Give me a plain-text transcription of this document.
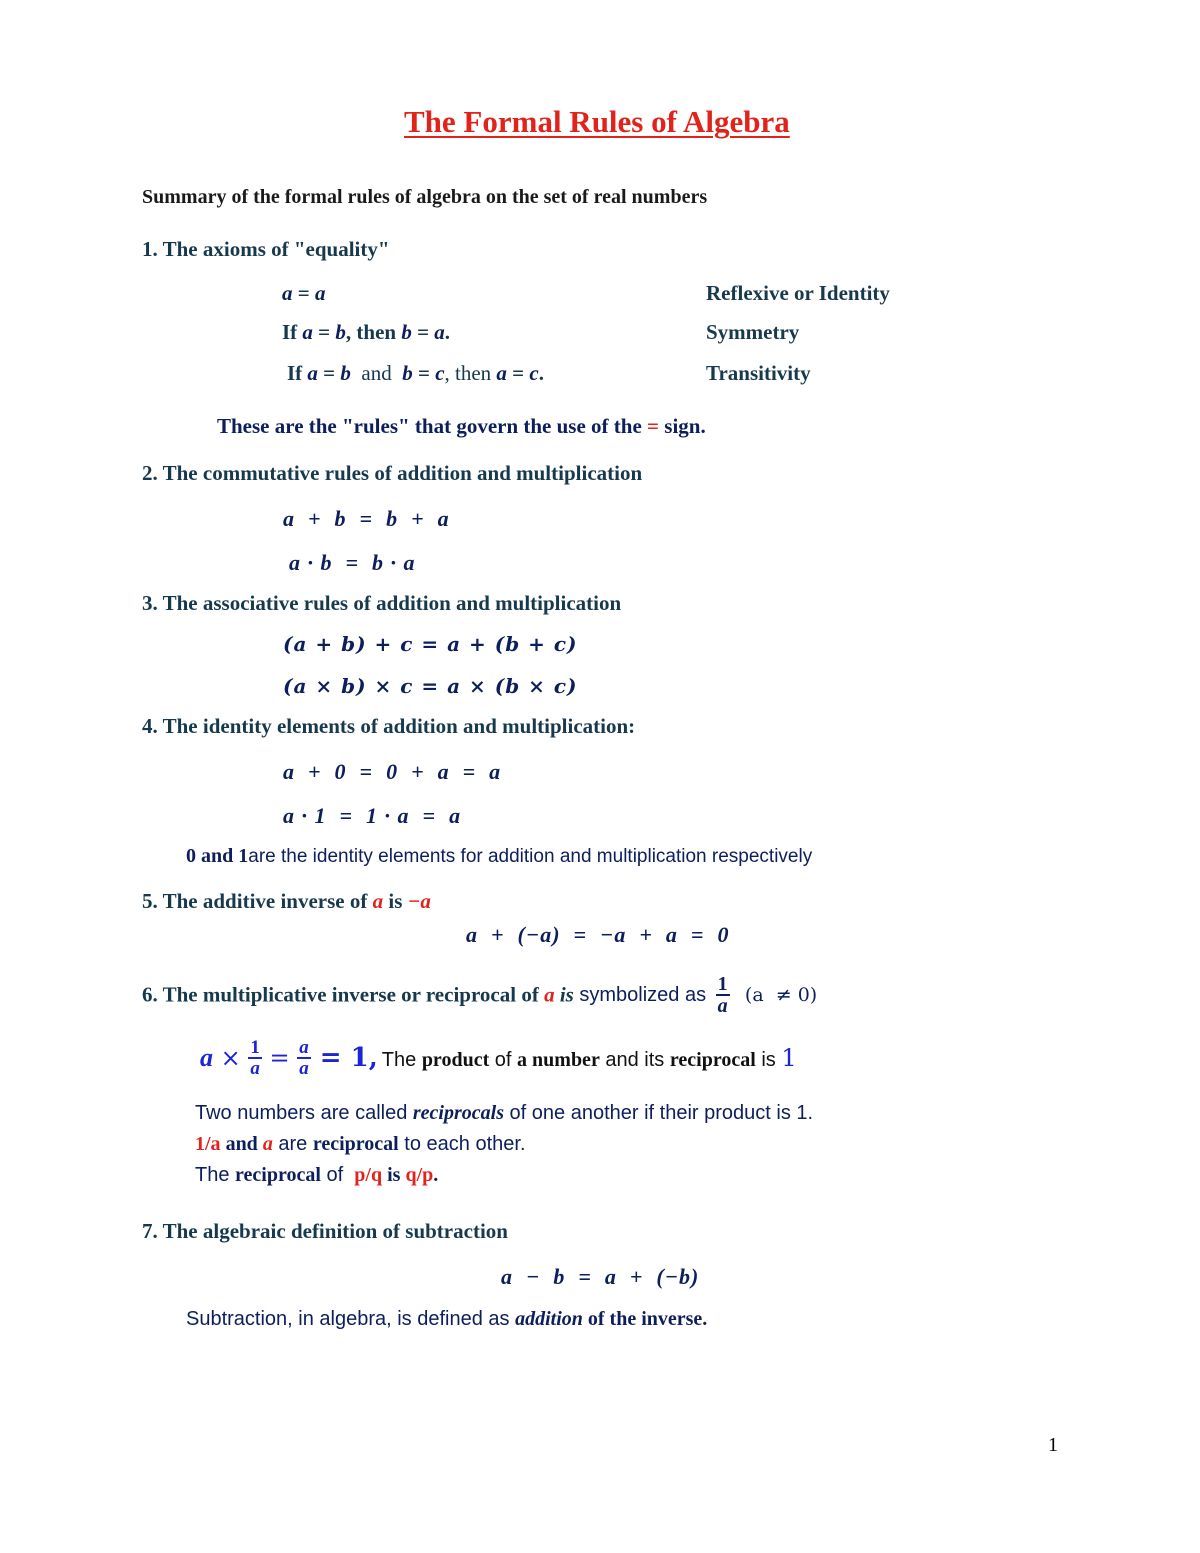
The Formal Rules of Algebra
Summary of the formal rules of algebra on the set of real numbers
1. The axioms of "equality"
a = a	Reflexive or Identity
If a = b, then b = a.	Symmetry
If a = b  and  b = c, then a = c.	Transitivity
These are the "rules" that govern the use of the = sign.
2. The commutative rules of addition and multiplication
a  +  b  =  b  +  a
a · b  =  b · a
3. The associative rules of addition and multiplication
(a + b) + c = a + (b + c)
(a × b) × c = a × (b × c)
4. The identity elements of addition and multiplication:
a  +  0  =  0  +  a  =  a
a · 1  =  1 · a  =  a
0 and 1are the identity elements for addition and multiplication respectively
5. The additive inverse of a is −a
a  +  (−a)  =  −a  +  a  =  0
6. The multiplicative inverse or reciprocal of a is symbolized as $\frac{1}{a} (a \ne 0)$
$a \times \frac{1}{a} = \frac{a}{a} = 1$, The product of a number and its reciprocal is 1
Two numbers are called reciprocals of one another if their product is 1.
1/a and a are reciprocal to each other.
The reciprocal of  p/q is q/p.
7. The algebraic definition of subtraction
a  −  b  =  a  +  (−b)
Subtraction, in algebra, is defined as addition of the inverse.
1
